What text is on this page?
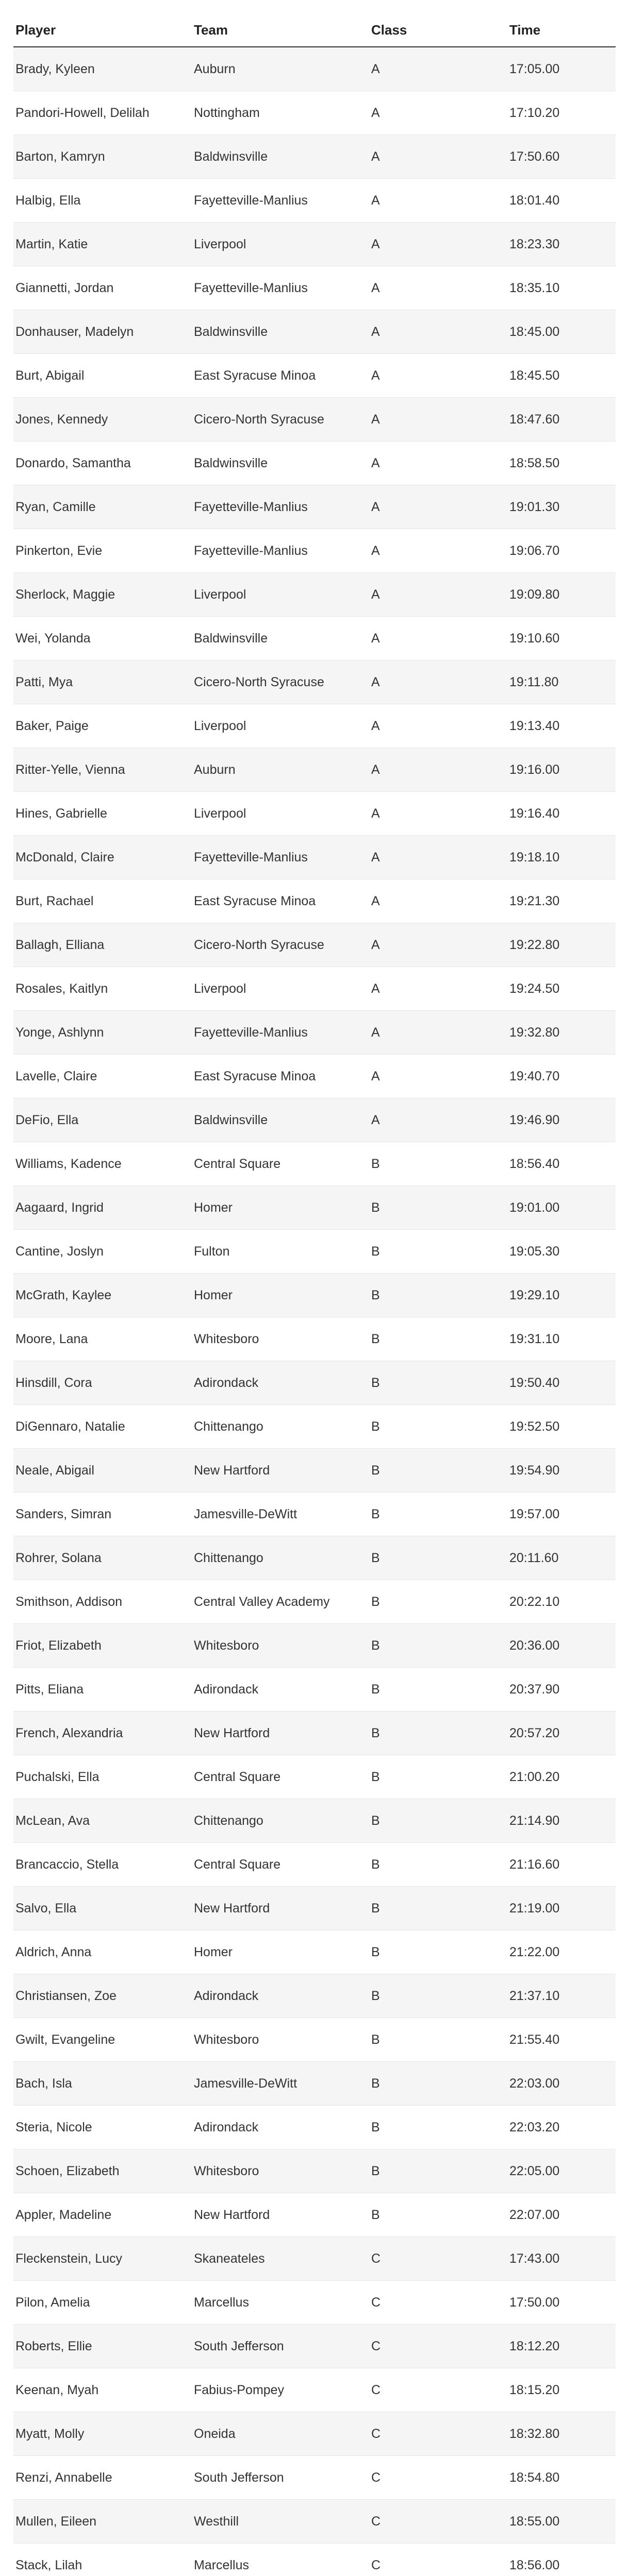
Player	Team	Class	Time
Brady, Kyleen	Auburn	A	17:05.00
Pandori-Howell, Delilah	Nottingham	A	17:10.20
Barton, Kamryn	Baldwinsville	A	17:50.60
Halbig, Ella	Fayetteville-Manlius	A	18:01.40
Martin, Katie	Liverpool	A	18:23.30
Giannetti, Jordan	Fayetteville-Manlius	A	18:35.10
Donhauser, Madelyn	Baldwinsville	A	18:45.00
Burt, Abigail	East Syracuse Minoa	A	18:45.50
Jones, Kennedy	Cicero-North Syracuse	A	18:47.60
Donardo, Samantha	Baldwinsville	A	18:58.50
Ryan, Camille	Fayetteville-Manlius	A	19:01.30
Pinkerton, Evie	Fayetteville-Manlius	A	19:06.70
Sherlock, Maggie	Liverpool	A	19:09.80
Wei, Yolanda	Baldwinsville	A	19:10.60
Patti, Mya	Cicero-North Syracuse	A	19:11.80
Baker, Paige	Liverpool	A	19:13.40
Ritter-Yelle, Vienna	Auburn	A	19:16.00
Hines, Gabrielle	Liverpool	A	19:16.40
McDonald, Claire	Fayetteville-Manlius	A	19:18.10
Burt, Rachael	East Syracuse Minoa	A	19:21.30
Ballagh, Elliana	Cicero-North Syracuse	A	19:22.80
Rosales, Kaitlyn	Liverpool	A	19:24.50
Yonge, Ashlynn	Fayetteville-Manlius	A	19:32.80
Lavelle, Claire	East Syracuse Minoa	A	19:40.70
DeFio, Ella	Baldwinsville	A	19:46.90
Williams, Kadence	Central Square	B	18:56.40
Aagaard, Ingrid	Homer	B	19:01.00
Cantine, Joslyn	Fulton	B	19:05.30
McGrath, Kaylee	Homer	B	19:29.10
Moore, Lana	Whitesboro	B	19:31.10
Hinsdill, Cora	Adirondack	B	19:50.40
DiGennaro, Natalie	Chittenango	B	19:52.50
Neale, Abigail	New Hartford	B	19:54.90
Sanders, Simran	Jamesville-DeWitt	B	19:57.00
Rohrer, Solana	Chittenango	B	20:11.60
Smithson, Addison	Central Valley Academy	B	20:22.10
Friot, Elizabeth	Whitesboro	B	20:36.00
Pitts, Eliana	Adirondack	B	20:37.90
French, Alexandria	New Hartford	B	20:57.20
Puchalski, Ella	Central Square	B	21:00.20
McLean, Ava	Chittenango	B	21:14.90
Brancaccio, Stella	Central Square	B	21:16.60
Salvo, Ella	New Hartford	B	21:19.00
Aldrich, Anna	Homer	B	21:22.00
Christiansen, Zoe	Adirondack	B	21:37.10
Gwilt, Evangeline	Whitesboro	B	21:55.40
Bach, Isla	Jamesville-DeWitt	B	22:03.00
Steria, Nicole	Adirondack	B	22:03.20
Schoen, Elizabeth	Whitesboro	B	22:05.00
Appler, Madeline	New Hartford	B	22:07.00
Fleckenstein, Lucy	Skaneateles	C	17:43.00
Pilon, Amelia	Marcellus	C	17:50.00
Roberts, Ellie	South Jefferson	C	18:12.20
Keenan, Myah	Fabius-Pompey	C	18:15.20
Myatt, Molly	Oneida	C	18:32.80
Renzi, Annabelle	South Jefferson	C	18:54.80
Mullen, Eileen	Westhill	C	18:55.00
Stack, Lilah	Marcellus	C	18:56.00
